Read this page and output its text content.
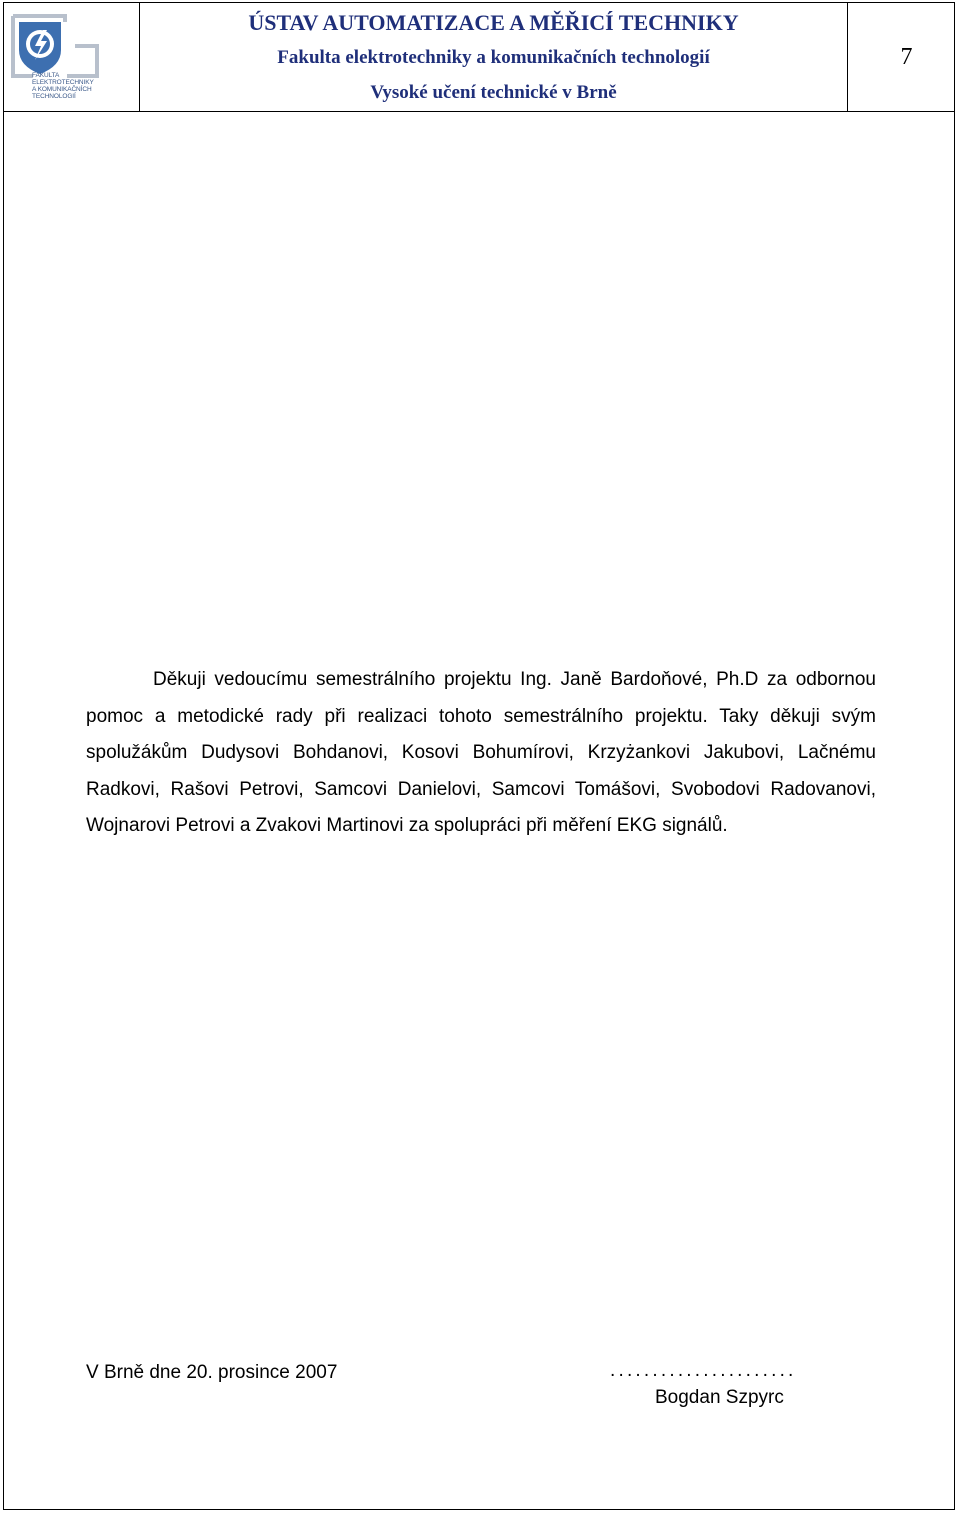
FAKULTA
ELEKTROTECHNIKY
A KOMUNIKAČNÍCH
TECHNOLOGIÍ
ÚSTAV AUTOMATIZACE A MĚŘICÍ TECHNIKY
Fakulta elektrotechniky a komunikačních technologií
Vysoké učení technické v Brně
7

Děkuji vedoucímu semestrálního projektu Ing. Janě Bardoňové, Ph.D za odbornou pomoc a metodické rady při realizaci tohoto semestrálního projektu. Taky děkuji svým spolužákům Dudysovi Bohdanovi, Kosovi Bohumírovi, Krzyżankovi Jakubovi, Lačnému Radkovi, Rašovi Petrovi, Samcovi Danielovi, Samcovi Tomášovi, Svobodovi Radovanovi, Wojnarovi Petrovi a Zvakovi Martinovi za spolupráci při měření EKG signálů.

V Brně dne 20. prosince 2007	......................
Bogdan Szpyrc
